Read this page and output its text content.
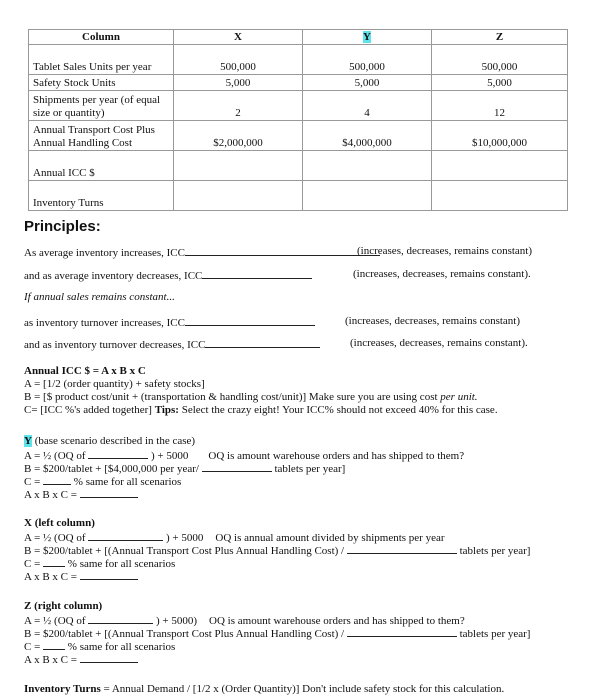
Column	X	Y	Z
Tablet Sales Units per year	500,000	500,000	500,000
Safety Stock Units	5,000	5,000	5,000
Shipments per year (of equal size or quantity)	2	4	12
Annual Transport Cost Plus Annual Handling Cost	$2,000,000	$4,000,000	$10,000,000
Annual ICC $			
Inventory Turns			
Principles:
As average inventory increases, ICC	(increases, decreases, remains constant)
and as average inventory decreases, ICC	(increases, decreases, remains constant).
If annual sales remains constant...
as inventory turnover increases, ICC	(increases, decreases, remains constant)
and as inventory turnover decreases, ICC	(increases, decreases, remains constant).
Annual ICC $ = A x B x C
A = [1/2 (order quantity) + safety stocks]
B = [$ product cost/unit + (transportation & handling cost/unit)] Make sure you are using cost per unit.
C= [ICC %'s added together] Tips: Select the crazy eight! Your ICC% should not exceed 40% for this case.
Y (base scenario described in the case)
A = ½ (OQ of	) + 5000 OQ is amount warehouse orders and has shipped to them?
B = $200/tablet + [$4,000,000 per year/	tablets per year]
C =	% same for all scenarios
A x B x C =
X (left column)
A = ½ (OQ of	) + 5000 OQ is annual amount divided by shipments per year
B = $200/tablet + [(Annual Transport Cost Plus Annual Handling Cost) /	tablets per year]
C =  % same for all scenarios
A x B x C =
Z (right column)
A = ½ (OQ of	) + 5000) OQ is amount warehouse orders and has shipped to them?
B = $200/tablet + [(Annual Transport Cost Plus Annual Handling Cost) /	tablets per year]
C =  % same for all scenarios
A x B x C =
Inventory Turns = Annual Demand / [1/2 x (Order Quantity)] Don't include safety stock for this calculation.
